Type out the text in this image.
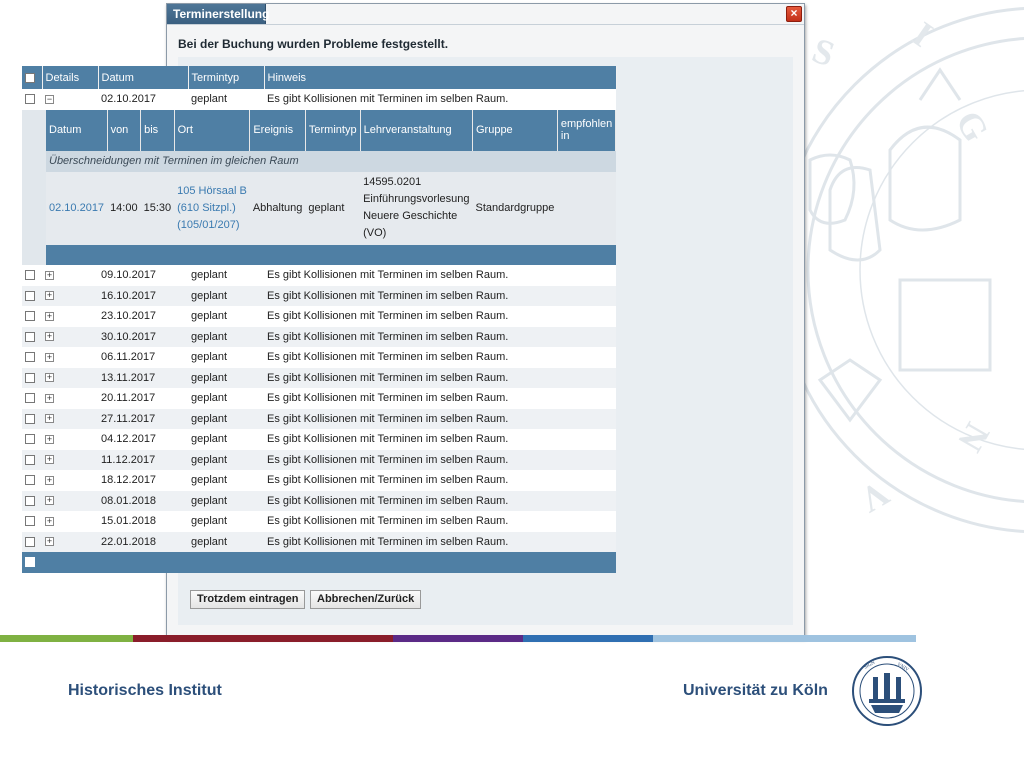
S I
G
N
V
Terminerstellung	×
Bei der Buchung wurden Probleme festgestellt.
	Details	Datum	Termintyp	Hinweis
	−	02.10.2017	geplant	Es gibt Kollisionen mit Terminen im selben Raum.

Datum	von	bis	Ort	Ereignis	Termintyp	Lehrveranstaltung	Gruppe	empfohlen in
Überschneidungen mit Terminen im gleichen Raum
02.10.2017	14:00	15:30	105 Hörsaal B
(610 Sitzpl.)
(105/01/207)	Abhaltung	geplant	14595.0201
Einführungsvorlesung
Neuere Geschichte
(VO)	Standardgruppe	

	+	09.10.2017	geplant	Es gibt Kollisionen mit Terminen im selben Raum.
	+	16.10.2017	geplant	Es gibt Kollisionen mit Terminen im selben Raum.
	+	23.10.2017	geplant	Es gibt Kollisionen mit Terminen im selben Raum.
	+	30.10.2017	geplant	Es gibt Kollisionen mit Terminen im selben Raum.
	+	06.11.2017	geplant	Es gibt Kollisionen mit Terminen im selben Raum.
	+	13.11.2017	geplant	Es gibt Kollisionen mit Terminen im selben Raum.
	+	20.11.2017	geplant	Es gibt Kollisionen mit Terminen im selben Raum.
	+	27.11.2017	geplant	Es gibt Kollisionen mit Terminen im selben Raum.
	+	04.12.2017	geplant	Es gibt Kollisionen mit Terminen im selben Raum.
	+	11.12.2017	geplant	Es gibt Kollisionen mit Terminen im selben Raum.
	+	18.12.2017	geplant	Es gibt Kollisionen mit Terminen im selben Raum.
	+	08.01.2018	geplant	Es gibt Kollisionen mit Terminen im selben Raum.
	+	15.01.2018	geplant	Es gibt Kollisionen mit Terminen im selben Raum.
	+	22.01.2018	geplant	Es gibt Kollisionen mit Terminen im selben Raum.

Trotzdem eintragen	Abbrechen/Zurück
Historisches Institut	Universität zu Köln
SIGN	VNIV
